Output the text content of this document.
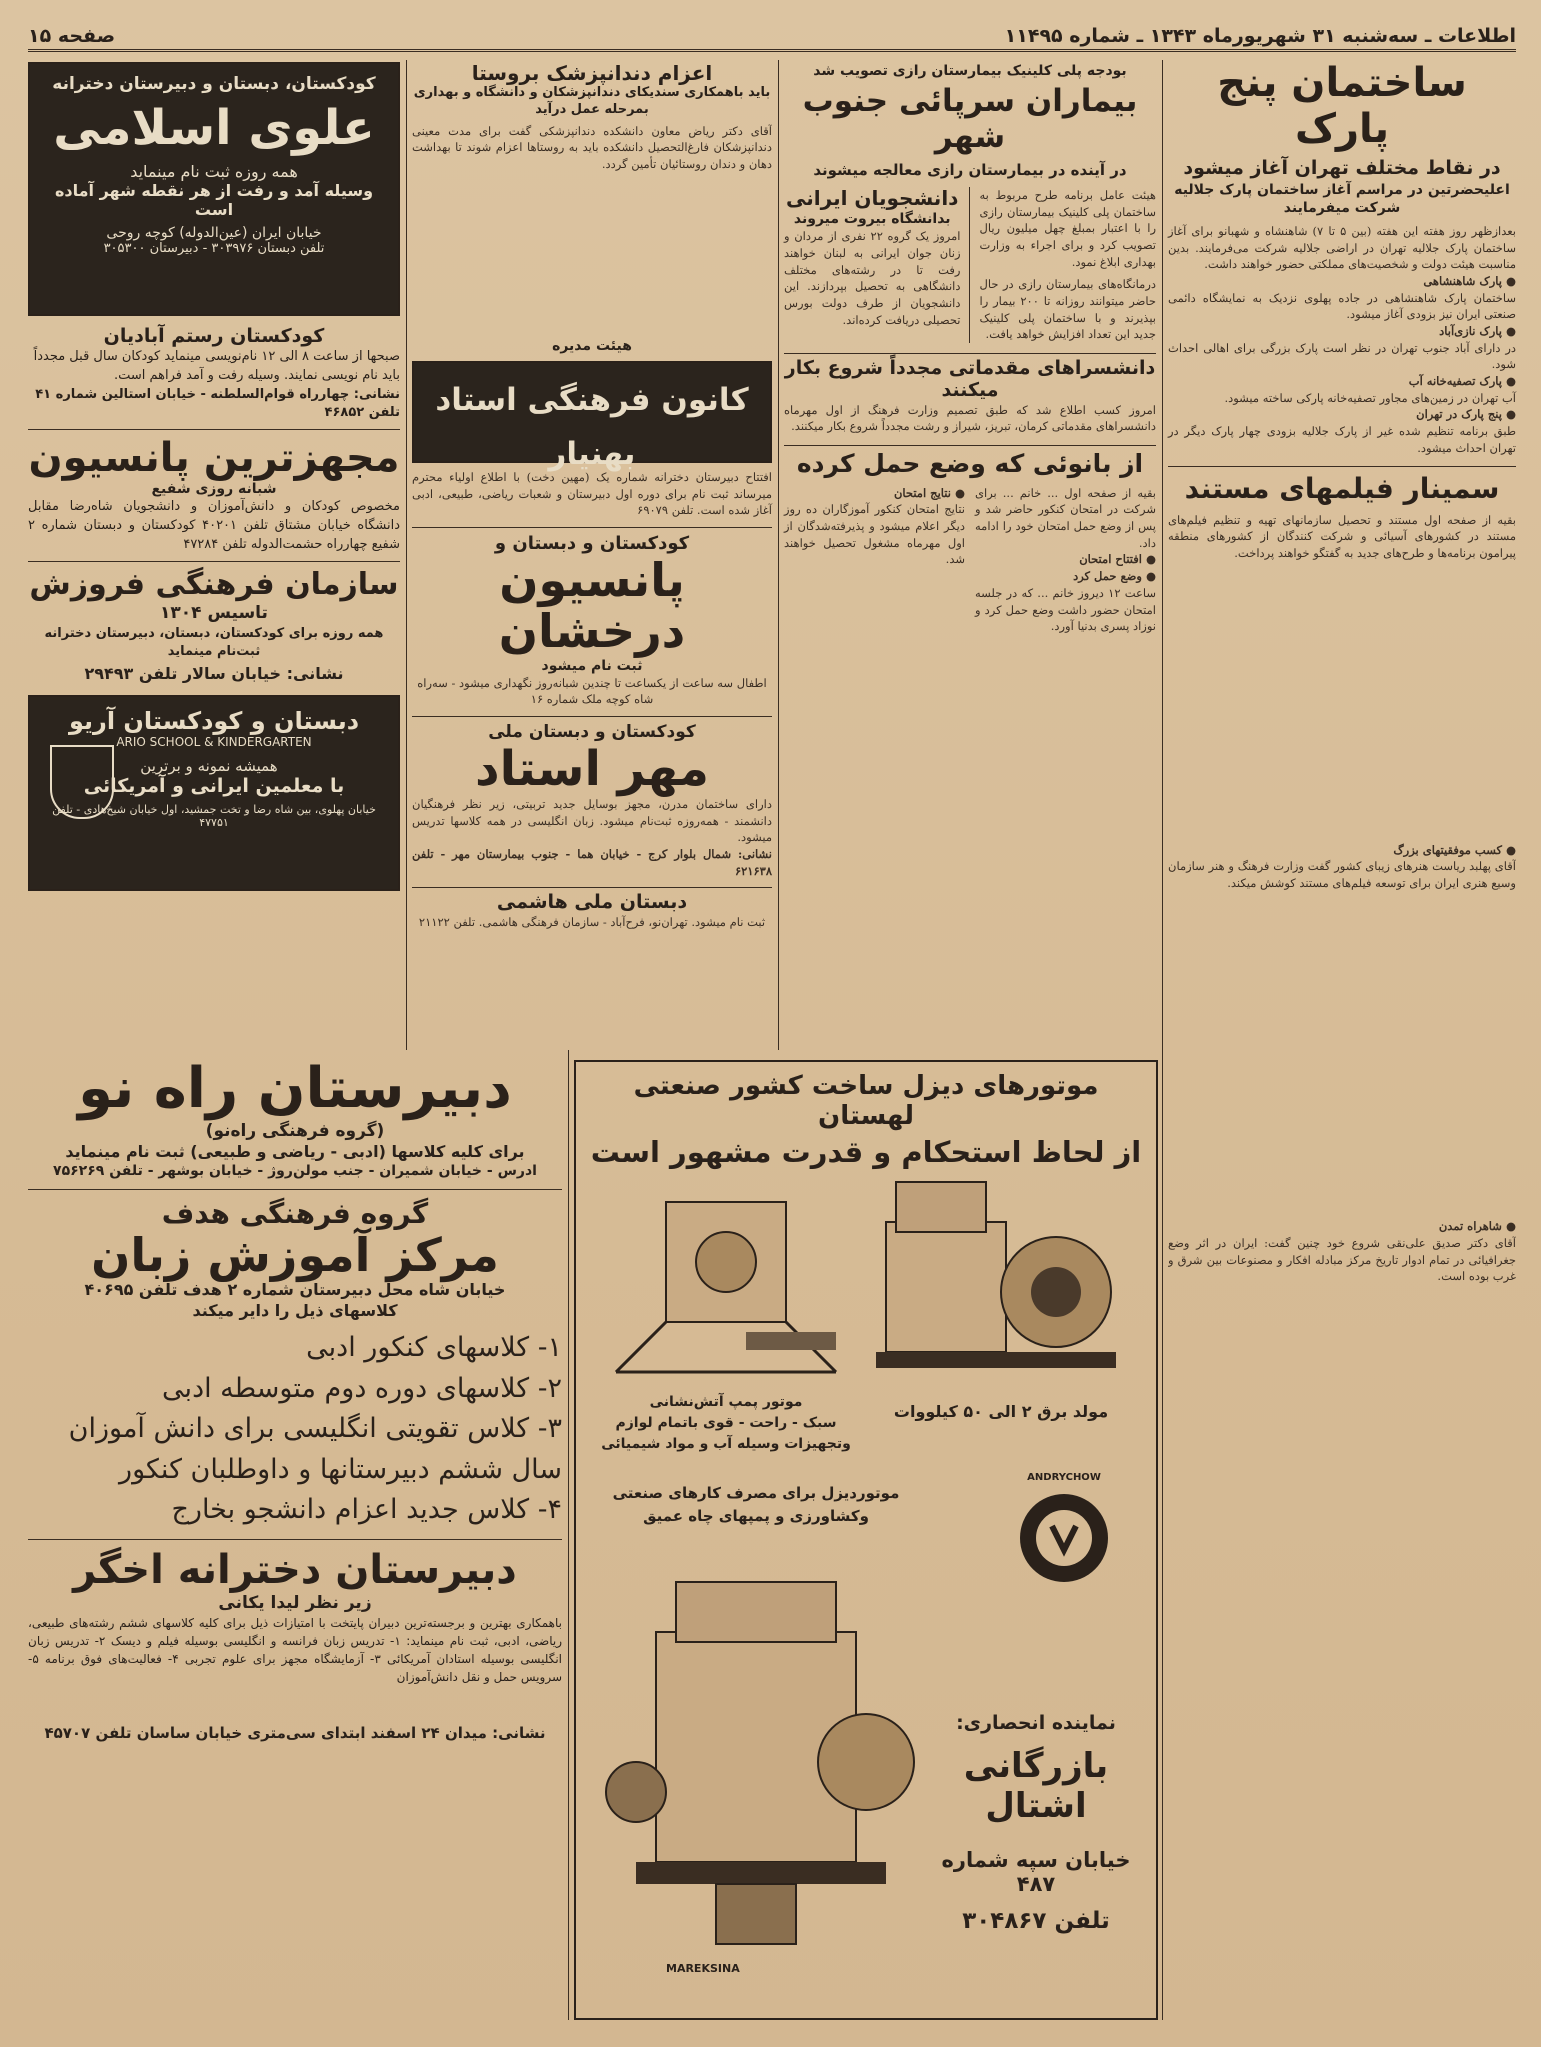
اطلاعات ـ سه‌شنبه ۳۱ شهریورماه ۱۳۴۳ ـ شماره ۱۱۴۹۵
صفحه ۱۵
ساختمان پنج پارک
در نقاط مختلف تهران آغاز میشود
اعلیحضرتین در مراسم آغاز ساختمان پارک جلالیه شرکت میفرمایند
بعدازظهر روز هفته این هفته (بین ۵ تا ۷) شاهنشاه و شهبانو برای آغاز ساختمان پارک جلالیه تهران در اراضی جلالیه شرکت می‌فرمایند. بدین مناسبت هیئت دولت و شخصیت‌های مملکتی حضور خواهند داشت.
● پارک شاهنشاهی
ساختمان پارک شاهنشاهی در جاده پهلوی نزدیک به نمایشگاه دائمی صنعتی ایران نیز بزودی آغاز میشود.
● پارک نازی‌آباد
در دارای آباد جنوب تهران در نظر است پارک بزرگی برای اهالی احداث شود.
● پارک تصفیه‌خانه آب
آب تهران در زمین‌های مجاور تصفیه‌خانه پارکی ساخته میشود.
● پنج پارک در تهران
طبق برنامه تنظیم شده غیر از پارک جلالیه بزودی چهار پارک دیگر در تهران احداث میشود.
سمینار فیلمهای مستند
بقیه از صفحه اول مستند و تحصیل سازمانهای تهیه و تنظیم فیلم‌های مستند در کشورهای آسیائی و شرکت کنندگان از کشورهای منطقه پیرامون برنامه‌ها و طرح‌های جدید به گفتگو خواهند پرداخت.
● کسب موفقیتهای بزرگ
آقای پهلبد ریاست هنرهای زیبای کشور گفت وزارت فرهنگ و هنر سازمان وسیع هنری ایران برای توسعه فیلم‌های مستند کوشش میکند.
● شاهراه تمدن
آقای دکتر صدیق علی‌نقی شروع خود چنین گفت: ایران در اثر وضع جغرافیائی در تمام ادوار تاریخ مرکز مبادله افکار و مصنوعات بین شرق و غرب بوده است.
بودجه پلی کلینیک بیمارستان رازی تصویب شد
بیماران سرپائی جنوب شهر
در آینده در بیمارستان رازی معالجه میشوند
هیئت عامل برنامه طرح مربوط به ساختمان پلی کلینیک بیمارستان رازی را با اعتبار بمبلغ چهل میلیون ریال تصویب کرد و برای اجراء به وزارت بهداری ابلاغ نمود.
درمانگاه‌های بیمارستان رازی در حال حاضر میتوانند روزانه تا ۲۰۰ بیمار را بپذیرند و با ساختمان پلی کلینیک جدید این تعداد افزایش خواهد یافت.
دانشجویان ایرانی
بدانشگاه بیروت میروند
امروز یک گروه ۲۲ نفری از مردان و زنان جوان ایرانی به لبنان خواهند رفت تا در رشته‌های مختلف دانشگاهی به تحصیل بپردازند. این دانشجویان از طرف دولت بورس تحصیلی دریافت کرده‌اند.
دانشسراهای مقدماتی مجدداً شروع بکار میکنند
امروز کسب اطلاع شد که طبق تصمیم وزارت فرهنگ از اول مهرماه دانشسراهای مقدماتی کرمان، تبریز، شیراز و رشت مجدداً شروع بکار میکنند.
از بانوئی که وضع حمل کرده
بقیه از صفحه اول ... خانم ... برای شرکت در امتحان کنکور حاضر شد و پس از وضع حمل امتحان خود را ادامه داد.
● افتتاح امتحان
● وضع حمل کرد
ساعت ۱۲ دیروز خانم ... که در جلسه امتحان حضور داشت وضع حمل کرد و نوزاد پسری بدنیا آورد.
● نتایج امتحان
نتایج امتحان کنکور آموزگاران ده روز دیگر اعلام میشود و پذیرفته‌شدگان از اول مهرماه مشغول تحصیل خواهند شد.
اعزام دندانپزشک بروستا
باید باهمکاری سندیکای دندانپزشکان و دانشگاه و بهداری بمرحله عمل درآید
آقای دکتر ریاض معاون دانشکده دندانپزشکی گفت برای مدت معینی دندانپزشکان فارغ‌التحصیل دانشکده باید به روستاها اعزام شوند تا بهداشت دهان و دندان روستائیان تأمین گردد.
هیئت مدیره
کانون فرهنگی استاد بهنیار
افتتاح دبیرستان دخترانه شماره یک (مهین دخت) با اطلاع اولیاء محترم میرساند ثبت نام برای دوره اول دبیرستان و شعبات ریاضی، طبیعی، ادبی آغاز شده است. تلفن ۶۹۰۷۹
کودکستان و دبستان و
پانسیون درخشان
ثبت نام میشود
اطفال سه ساعت از یکساعت تا چندین شبانه‌روز نگهداری میشود - سه‌راه شاه کوچه ملک شماره ۱۶
کودکستان و دبستان ملی
مهر استاد
دارای ساختمان مدرن، مجهز بوسایل جدید تربیتی، زیر نظر فرهنگیان دانشمند - همه‌روزه ثبت‌نام میشود. زبان انگلیسی در همه کلاسها تدریس میشود.
نشانی: شمال بلوار کرج - خیابان هما - جنوب بیمارستان مهر - تلفن ۶۲۱۶۳۸
دبستان ملی هاشمی
ثبت نام میشود. تهران‌نو، فرح‌آباد - سازمان فرهنگی هاشمی. تلفن ۲۱۱۲۲
کودکستان، دبستان و دبیرستان دخترانه
علوی اسلامی
همه روزه ثبت نام مینماید
وسیله آمد و رفت از هر نقطه شهر آماده است
خیابان ایران (عین‌الدوله) کوچه روحی
تلفن دبستان ۳۰۳۹۷۶ - دبیرستان ۳۰۵۳۰۰
کودکستان رستم آبادیان
صبحها از ساعت ۸ الی ۱۲ نام‌نویسی مینماید کودکان سال قبل مجدداً باید نام نویسی نمایند. وسیله رفت و آمد فراهم است.
نشانی: چهارراه قوام‌السلطنه - خیابان استالین شماره ۴۱ تلفن ۴۶۸۵۲
مجهزترین پانسیون
شبانه روزی شفیع
مخصوص کودکان و دانش‌آموزان و دانشجویان شاه‌رضا مقابل دانشگاه خیابان مشتاق تلفن ۴۰۲۰۱ کودکستان و دبستان شماره ۲ شفیع چهارراه حشمت‌الدوله تلفن ۴۷۲۸۴
سازمان فرهنگی فروزش
تاسیس ۱۳۰۴
همه روزه برای کودکستان، دبستان، دبیرستان دخترانه ثبت‌نام مینماید
نشانی: خیابان سالار تلفن ۲۹۴۹۳
دبستان و کودکستان آریو
ARIO SCHOOL & KINDERGARTEN
همیشه نمونه و برترین
با معلمین ایرانی و آمریکائی
خیابان پهلوی، بین شاه رضا و تخت جمشید، اول خیابان شیخ‌هادی - تلفن ۴۷۷۵۱
دبیرستان راه نو
(گروه فرهنگی راه‌نو)
برای کلیه کلاسها (ادبی - ریاضی و طبیعی) ثبت نام مینماید
ادرس - خیابان شمیران - جنب مولن‌روژ - خیابان بوشهر - تلفن ۷۵۶۲۶۹
گروه فرهنگی هدف
مرکز آموزش زبان
خیابان شاه محل دبیرستان شماره ۲ هدف تلفن ۴۰۶۹۵
کلاسهای ذیل را دایر میکند
۱- کلاسهای کنکور ادبی
۲- کلاسهای دوره دوم متوسطه ادبی
۳- کلاس تقویتی انگلیسی برای دانش آموزان
سال ششم دبیرستانها و داوطلبان کنکور
۴- کلاس جدید اعزام دانشجو بخارج
دبیرستان دخترانه اخگر
زیر نظر لیدا یکانی
باهمکاری بهترین و برجسته‌ترین دبیران پایتخت با امتیازات ذیل برای کلیه کلاسهای ششم رشته‌های طبیعی، ریاضی، ادبی، ثبت نام مینماید: ۱- تدریس زبان فرانسه و انگلیسی بوسیله فیلم و دیسک ۲- تدریس زبان انگلیسی بوسیله استادان آمریکائی ۳- آزمایشگاه مجهز برای علوم تجربی ۴- فعالیت‌های فوق برنامه ۵- سرویس حمل و نقل دانش‌آموزان
نشانی: میدان ۲۴ اسفند ابتدای سی‌متری خیابان ساسان تلفن ۴۵۷۰۷
موتورهای دیزل ساخت کشور صنعتی لهستان
از لحاظ استحکام و قدرت مشهور است
مولد برق ۲ الی ۵۰ کیلووات
موتور پمپ آتش‌نشانی
سبک - راحت - قوی باتمام لوازم
وتجهیزات وسیله آب و مواد شیمیائی
موتوردیزل برای مصرف کارهای صنعتی
وکشاورزی و پمپهای چاه عمیق
ANDRYCHOW
MAREKSINA
نماینده انحصاری:
بازرگانی اشتال
خیابان سپه شماره ۴۸۷
تلفن ۳۰۴۸۶۷
